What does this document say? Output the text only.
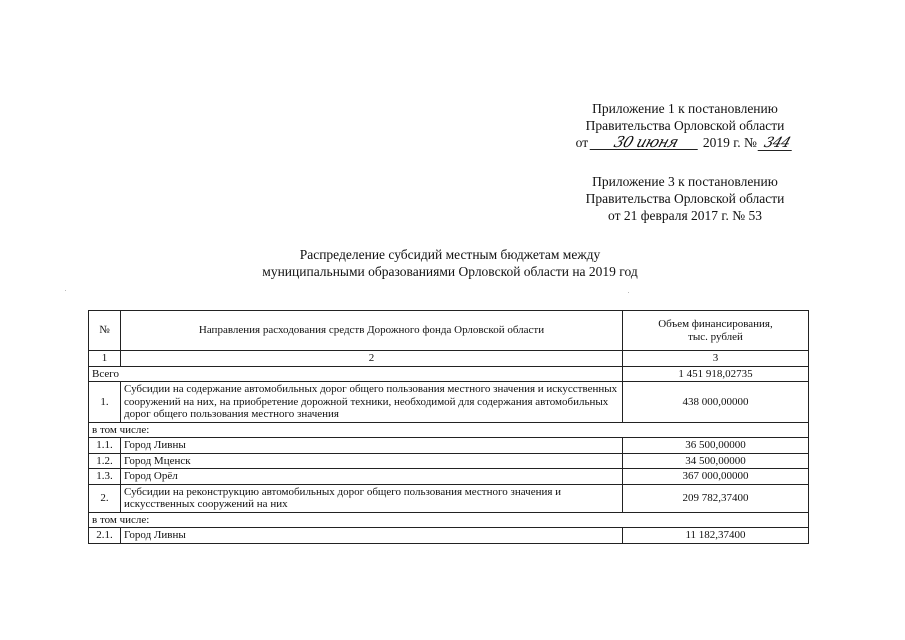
Приложение 1 к постановлению
Правительства Орловской области
от 30 июня 2019 г. № 344
Приложение 3 к постановлению
Правительства Орловской области
от 21 февраля 2017 г. № 53
Распределение субсидий местным бюджетам между
муниципальными образованиями Орловской области на 2019 год
№	Направления расходования средств Дорожного фонда Орловской области	Объем финансирования,
тыс. рублей
1	2	3
Всего		1 451 918,02735
1.	Субсидии на содержание автомобильных дорог общего пользования местного значения и искусственных сооружений на них, на приобретение дорожной техники, необходимой для содержания автомобильных дорог общего пользования местного значения	438 000,00000
в том числе:		
1.1.	Город Ливны	36 500,00000
1.2.	Город Мценск	34 500,00000
1.3.	Город Орёл	367 000,00000
2.	Субсидии на реконструкцию автомобильных дорог общего пользования местного значения и искусственных сооружений на них	209 782,37400
в том числе:		
2.1.	Город Ливны	11 182,37400
